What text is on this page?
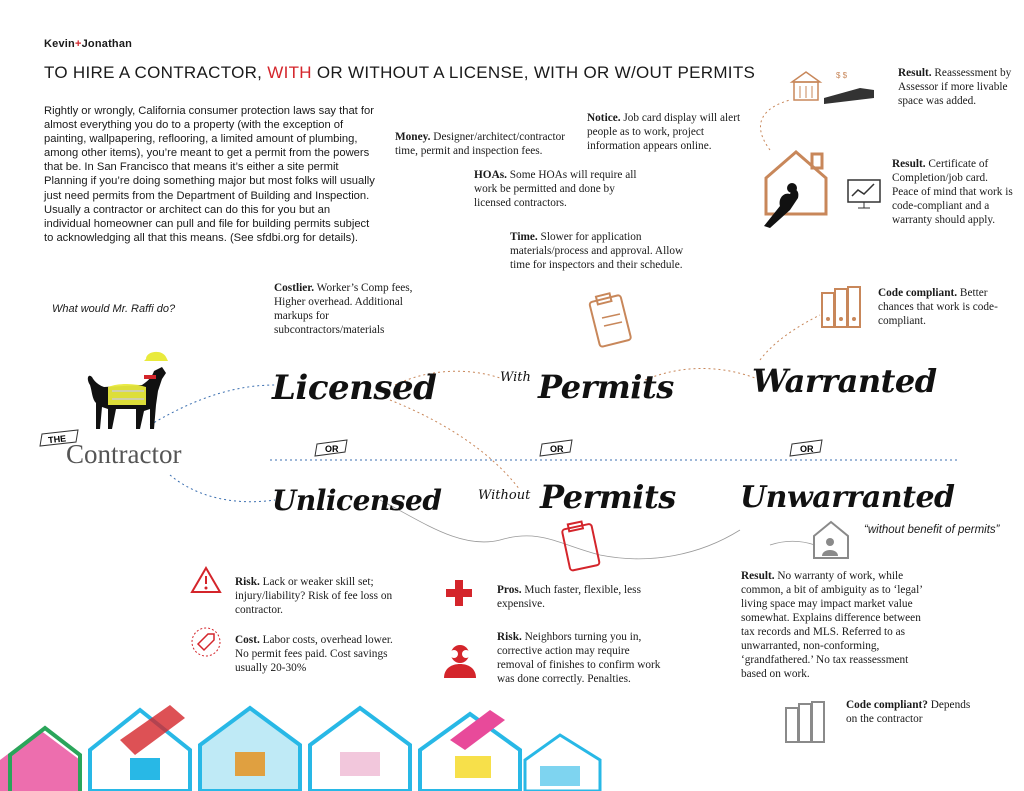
Kevin+Jonathan
TO HIRE A CONTRACTOR, WITH OR WITHOUT A LICENSE, WITH OR W/OUT PERMITS
Rightly or wrongly, California consumer protection laws say that for almost everything you do to a property (with the exception of painting, wallpapering, reflooring, a limited amount of plumbing, among other items), you’re meant to get a permit from the powers that be. In San Francisco that means it’s either a site permit Planning if you’re doing something major but most folks will usually just need permits from the Department of Building and Inspection. Usually a contractor or architect can do this for you but an individual homeowner can pull and file for building permits subject to acknowledging all that this means. (See sfdbi.org for details).
What would Mr. Raffi do?
THE Contractor	OR	OR	OR
Licensed
Unlicensed
With Permits
Without Permits
Warranted
Unwarranted
“without benefit of permits”
Costlier. Worker’s Comp fees, Higher overhead. Additional markups for subcontractors/materials
Money. Designer/architect/contractor time, permit and inspection fees.
Notice. Job card display will alert people as to work, project information appears online.
HOAs. Some HOAs will require all work be permitted and done by licensed contractors.
Time. Slower for application materials/process and approval. Allow time for inspectors and their schedule.
Result. Reassessment by Assessor if more livable space was added.
Result. Certificate of Completion/job card. Peace of mind that work is code-compliant and a warranty should apply.
Code compliant. Better chances that work is code-compliant.
Risk. Lack or weaker skill set; injury/liability? Risk of fee loss on contractor.
Cost. Labor costs, overhead lower. No permit fees paid. Cost savings usually 20-30%
Pros. Much faster, flexible, less expensive.
Risk. Neighbors turning you in, corrective action may require removal of finishes to confirm work was done correctly. Penalties.
Result. No warranty of work, while common, a bit of ambiguity as to ‘legal’ living space may impact market value somewhat. Explains difference between tax records and MLS. Referred to as unwarranted, non-conforming, ‘grandfathered.’ No tax reassessment based on work.
Code compliant? Depends on the contractor
$ $
